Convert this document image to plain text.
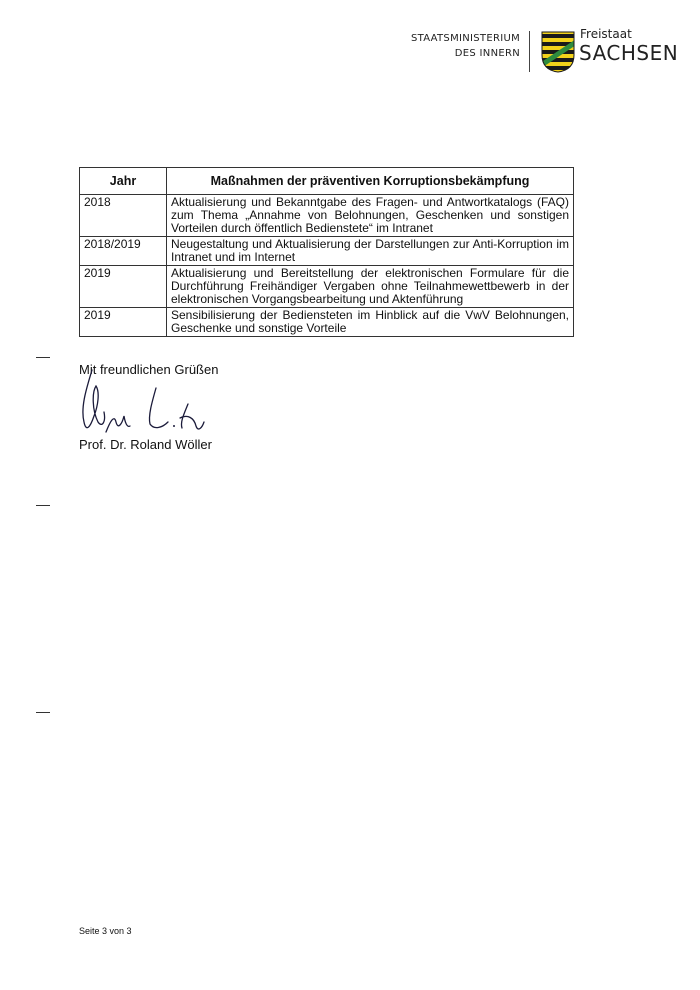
STAATSMINISTERIUM
DES INNERN
Freistaat
SACHSEN
Jahr	Maßnahmen der präventiven Korruptionsbekämpfung
2018	Aktualisierung und Bekanntgabe des Fragen- und Antwortkatalogs (FAQ) zum Thema „Annahme von Belohnungen, Geschenken und sonstigen Vorteilen durch öffentlich Bedienstete“ im Intranet
2018/2019	Neugestaltung und Aktualisierung der Darstellungen zur Anti-Korruption im Intranet und im Internet
2019	Aktualisierung und Bereitstellung der elektronischen Formulare für die Durchführung Freihändiger Vergaben ohne Teilnahmewettbewerb in der elektronischen Vorgangsbearbeitung und Aktenführung
2019	Sensibilisierung der Bediensteten im Hinblick auf die VwV Belohnungen, Geschenke und sonstige Vorteile
Mit freundlichen Grüßen
Prof. Dr. Roland Wöller
Seite 3 von 3
